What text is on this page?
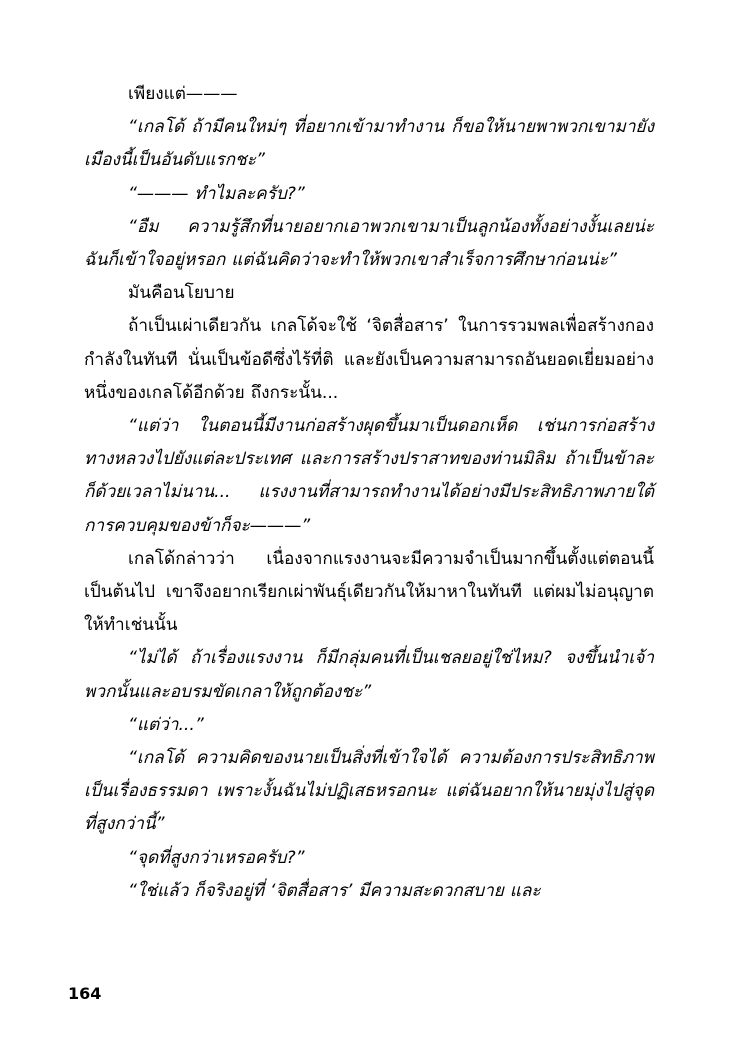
เพียงแต่———

“เกลโด้ ถ้ามีคนใหม่ๆ ที่อยากเข้ามาทำงาน ก็ขอให้นายพาพวกเขามายังเมืองนี้เป็นอันดับแรกชะ”

“——— ทำไมละครับ?”

“อืม ความรู้สึกที่นายอยากเอาพวกเขามาเป็นลูกน้องทั้งอย่างงั้นเลยน่ะ ฉันก็เข้าใจอยู่หรอก แต่ฉันคิดว่าจะทำให้พวกเขาสำเร็จการศึกษาก่อนน่ะ”

มันคือนโยบาย

ถ้าเป็นเผ่าเดียวกัน เกลโด้จะใช้ ‘จิตสื่อสาร’ ในการรวมพลเพื่อสร้างกองกำลังในทันที นั่นเป็นข้อดีซึ่งไร้ที่ติ และยังเป็นความสามารถอันยอดเยี่ยมอย่างหนึ่งของเกลโด้อีกด้วย ถึงกระนั้น...

“แต่ว่า ในตอนนี้มีงานก่อสร้างผุดขึ้นมาเป็นดอกเห็ด เช่นการก่อสร้างทางหลวงไปยังแต่ละประเทศ และการสร้างปราสาทของท่านมิลิม ถ้าเป็นข้าละก็ด้วยเวลาไม่นาน... แรงงานที่สามารถทำงานได้อย่างมีประสิทธิภาพภายใต้การควบคุมของข้าก็จะ———”

เกลโด้กล่าวว่า เนื่องจากแรงงานจะมีความจำเป็นมากขึ้นตั้งแต่ตอนนี้เป็นต้นไป เขาจึงอยากเรียกเผ่าพันธุ์เดียวกันให้มาหาในทันที แต่ผมไม่อนุญาตให้ทำเช่นนั้น

“ไม่ได้ ถ้าเรื่องแรงงาน ก็มีกลุ่มคนที่เป็นเชลยอยู่ใช่ไหม? จงขึ้นนำเจ้าพวกนั้นและอบรมขัดเกลาให้ถูกต้องชะ”

“แต่ว่า...”

“เกลโด้ ความคิดของนายเป็นสิ่งที่เข้าใจได้ ความต้องการประสิทธิภาพเป็นเรื่องธรรมดา เพราะงั้นฉันไม่ปฏิเสธหรอกนะ แต่ฉันอยากให้นายมุ่งไปสู่จุดที่สูงกว่านี้”

“จุดที่สูงกว่าเหรอครับ?”

“ใช่แล้ว ก็จริงอยู่ที่ ‘จิตสื่อสาร’ มีความสะดวกสบาย และ

164
